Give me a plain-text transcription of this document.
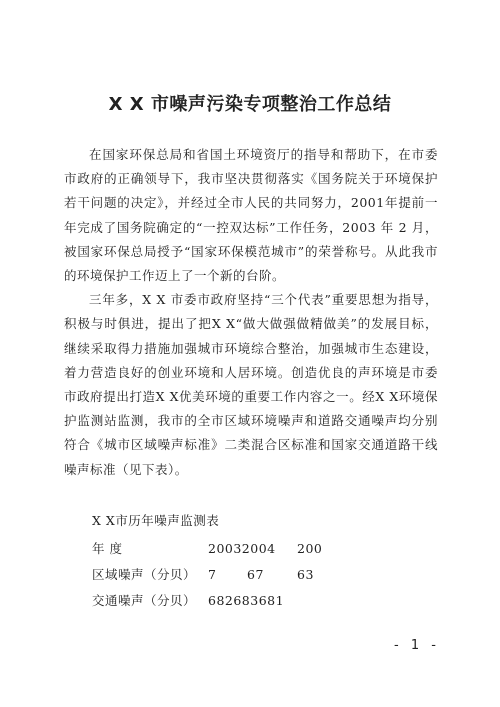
X X 市噪声污染专项整治工作总结

在国家环保总局和省国土环境资厅的指导和帮助下，在市委市政府的正确领导下，我市坚决贯彻落实《国务院关于环境保护若干问题的决定》，并经过全市人民的共同努力，2001年提前一年完成了国务院确定的“一控双达标”工作任务，2003 年 2 月，被国家环保总局授予“国家环保模范城市”的荣誉称号。从此我市的环境保护工作迈上了一个新的台阶。

三年多，X X 市委市政府坚持“三个代表”重要思想为指导，积极与时俱进，提出了把X X“做大做强做精做美”的发展目标，继续采取得力措施加强城市环境综合整治，加强城市生态建设，着力营造良好的创业环境和人居环境。创造优良的声环境是市委市政府提出打造X X优美环境的重要工作内容之一。经X X环境保护监测站监测，我市的全市区域环境噪声和道路交通噪声均分别符合《城市区域噪声标准》二类混合区标准和国家交通道路干线噪声标准（见下表）。

X X市历年噪声监测表
年 度	20032004 200
区域噪声（分贝） 7 67	63
交通噪声（分贝） 682683681
- 1 -
